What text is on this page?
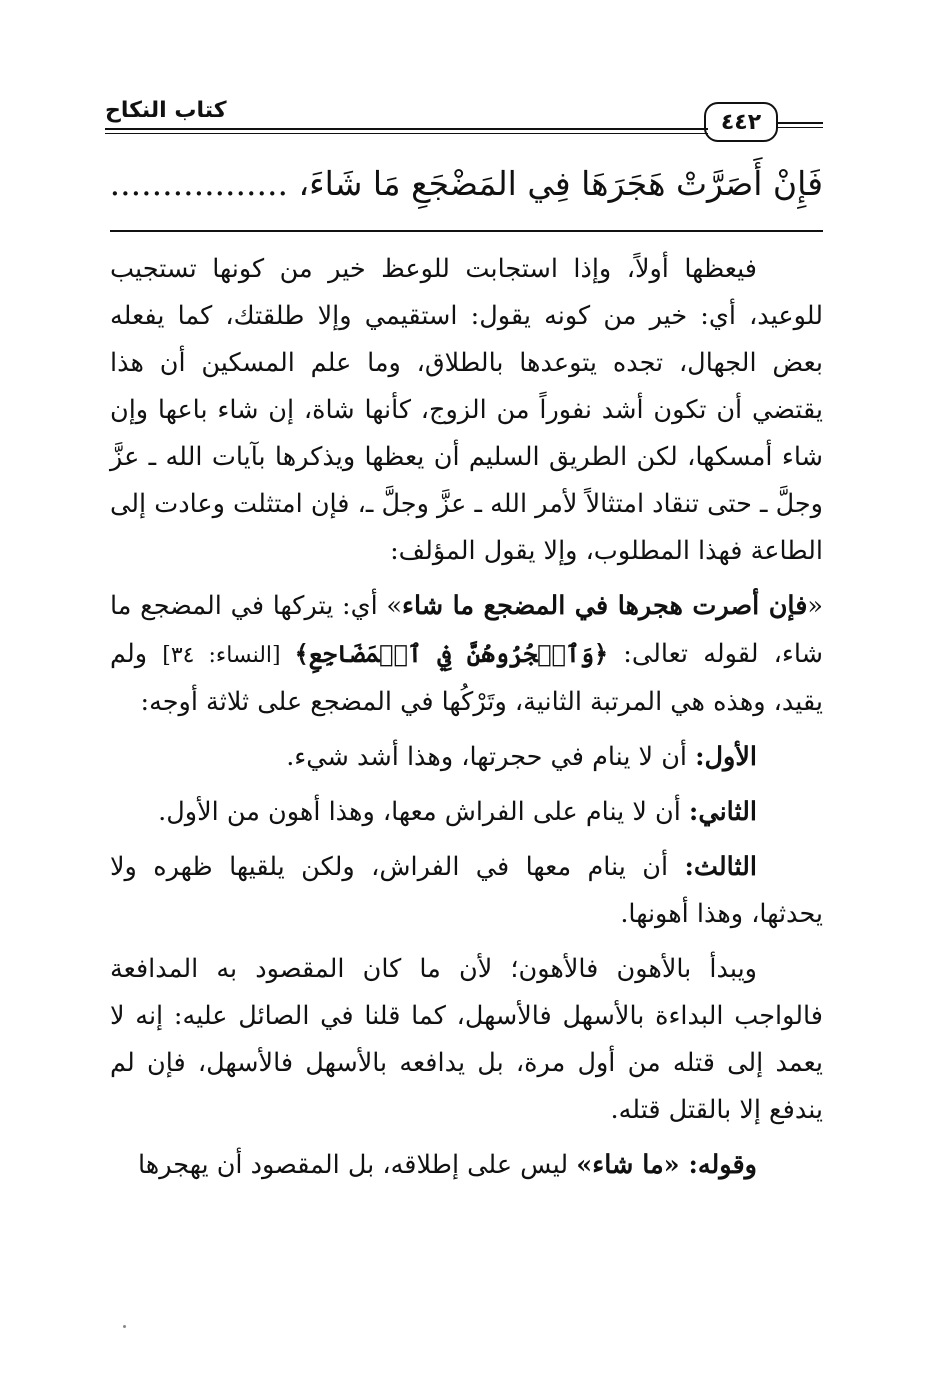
٤٤٢
كتاب النكاح
فَإِنْ أَصَرَّتْ هَجَرَهَا فِي المَضْجَعِ مَا شَاءَ، .................

فيعظها أولاً، وإذا استجابت للوعظ خير من كونها تستجيب للوعيد، أي: خير من كونه يقول: استقيمي وإلا طلقتك، كما يفعله بعض الجهال، تجده يتوعدها بالطلاق، وما علم المسكين أن هذا يقتضي أن تكون أشد نفوراً من الزوج، كأنها شاة، إن شاء باعها وإن شاء أمسكها، لكن الطريق السليم أن يعظها ويذكرها بآيات الله ـ عزَّ وجلَّ ـ حتى تنقاد امتثالاً لأمر الله ـ عزَّ وجلَّ ـ، فإن امتثلت وعادت إلى الطاعة فهذا المطلوب، وإلا يقول المؤلف:

«فإن أصرت هجرها في المضجع ما شاء» أي: يتركها في المضجع ما شاء، لقوله تعالى: ﴿وَٱهۡجُرُوهُنَّ فِي ٱلۡمَضَاجِعِ﴾ [النساء: ٣٤] ولم يقيد، وهذه هي المرتبة الثانية، وتَرْكُها في المضجع على ثلاثة أوجه:

الأول: أن لا ينام في حجرتها، وهذا أشد شيء.

الثاني: أن لا ينام على الفراش معها، وهذا أهون من الأول.

الثالث: أن ينام معها في الفراش، ولكن يلقيها ظهره ولا يحدثها، وهذا أهونها.

ويبدأ بالأهون فالأهون؛ لأن ما كان المقصود به المدافعة فالواجب البداءة بالأسهل فالأسهل، كما قلنا في الصائل عليه: إنه لا يعمد إلى قتله من أول مرة، بل يدافعه بالأسهل فالأسهل، فإن لم يندفع إلا بالقتل قتله.

وقوله: «ما شاء» ليس على إطلاقه، بل المقصود أن يهجرها
